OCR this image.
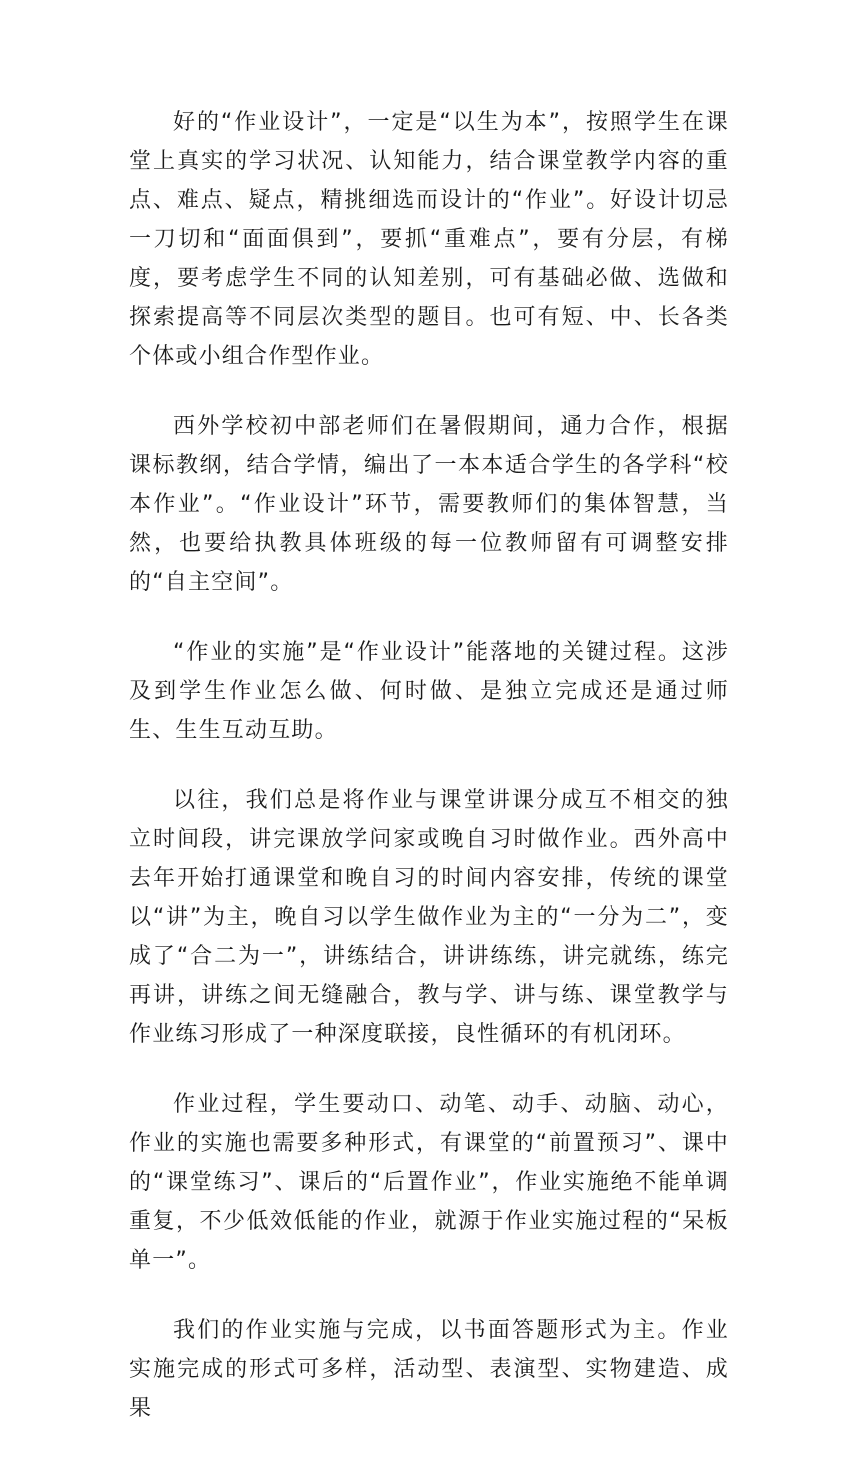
好的“作业设计”，一定是“以生为本”，按照学生在课堂上真实的学习状况、认知能力，结合课堂教学内容的重点、难点、疑点，精挑细选而设计的“作业”。好设计切忌一刀切和“面面俱到”，要抓“重难点”，要有分层，有梯度，要考虑学生不同的认知差别，可有基础必做、选做和探索提高等不同层次类型的题目。也可有短、中、长各类个体或小组合作型作业。

西外学校初中部老师们在暑假期间，通力合作，根据课标教纲，结合学情，编出了一本本适合学生的各学科“校本作业”。“作业设计”环节，需要教师们的集体智慧，当然，也要给执教具体班级的每一位教师留有可调整安排的“自主空间”。

“作业的实施”是“作业设计”能落地的关键过程。这涉及到学生作业怎么做、何时做、是独立完成还是通过师生、生生互动互助。

以往，我们总是将作业与课堂讲课分成互不相交的独立时间段，讲完课放学问家或晚自习时做作业。西外高中去年开始打通课堂和晚自习的时间内容安排，传统的课堂以“讲”为主，晚自习以学生做作业为主的“一分为二”，变成了“合二为一”，讲练结合，讲讲练练，讲完就练，练完再讲，讲练之间无缝融合，教与学、讲与练、课堂教学与作业练习形成了一种深度联接，良性循环的有机闭环。

作业过程，学生要动口、动笔、动手、动脑、动心，作业的实施也需要多种形式，有课堂的“前置预习”、课中的“课堂练习”、课后的“后置作业”，作业实施绝不能单调重复，不少低效低能的作业，就源于作业实施过程的“呆板单一”。

我们的作业实施与完成，以书面答题形式为主。作业实施完成的形式可多样，活动型、表演型、实物建造、成果
